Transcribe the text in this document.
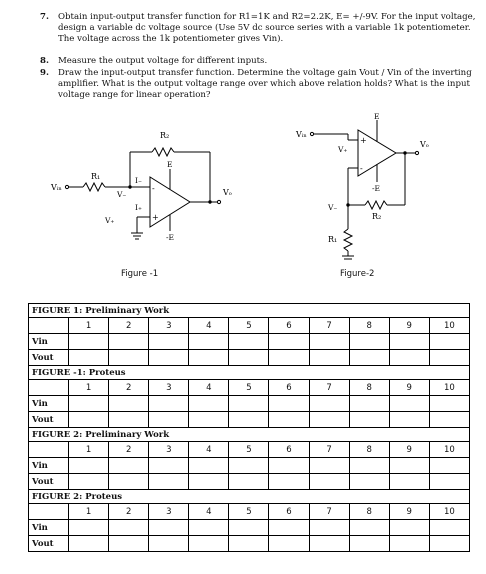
7. Obtain input-output transfer function for R1=1K and R2=2.2K, E= +/-9V. For the input voltage, design a variable dc voltage source (Use 5V dc source series with a variable 1k potentiometer. The voltage across the 1k potentiometer gives Vin).
8. Measure the output voltage for different inputs.
9. Draw the input-output transfer function. Determine the voltage gain Vout / Vin of the inverting amplifier. What is the output voltage range over which above relation holds? What is the input voltage range for linear operation?
R₂
R₁
Vᵢₙ
V₋
V₊
I₋
I₊
E
-E
Vₒ
-
+
Figure -1
Vᵢₙ
V₊
V₋
E
-E
Vₒ
R₂
R₁
+
-
Figure-2
FIGURE 1: Preliminary Work										
	1	2	3	4	5	6	7	8	9	10
Vin										
Vout										
FIGURE -1: Proteus										
	1	2	3	4	5	6	7	8	9	10
Vin										
Vout										
FIGURE 2: Preliminary Work										
	1	2	3	4	5	6	7	8	9	10
Vin										
Vout										
FIGURE 2: Proteus										
	1	2	3	4	5	6	7	8	9	10
Vin										
Vout										
